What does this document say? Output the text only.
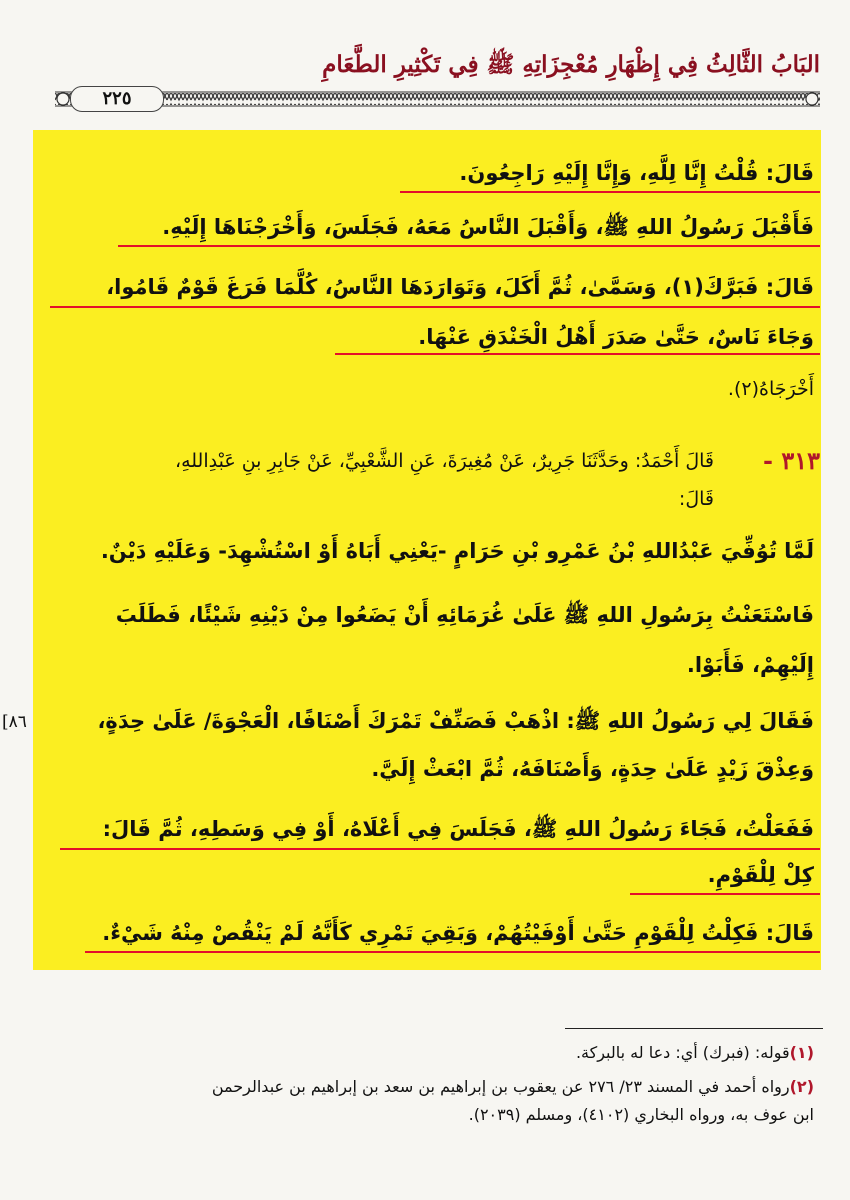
البَابُ الثَّالِثُ فِي إِظْهَارِ مُعْجِزَاتِهِ ﷺ فِي تَكْثِيرِ الطَّعَامِ
٢٢٥
قَالَ: قُلْتُ إِنَّا لِلَّهِ، وَإِنَّا إِلَيْهِ رَاجِعُونَ.
فَأَقْبَلَ رَسُولُ اللهِ ﷺ، وَأَقْبَلَ النَّاسُ مَعَهُ، فَجَلَسَ، وَأَخْرَجْنَاهَا إِلَيْهِ.
قَالَ: فَبَرَّكَ(١)، وَسَمَّىٰ، ثُمَّ أَكَلَ، وَتَوَارَدَهَا النَّاسُ، كُلَّمَا فَرَغَ قَوْمٌ قَامُوا،
وَجَاءَ نَاسٌ، حَتَّىٰ صَدَرَ أَهْلُ الْخَنْدَقِ عَنْهَا.
أَخْرَجَاهُ(٢).
٣١٣ -
قَالَ أَحْمَدُ: وحَدَّثَنَا جَرِيرٌ، عَنْ مُغِيرَةَ، عَنِ الشَّعْبِيِّ، عَنْ جَابِرِ بنِ عَبْدِاللهِ،
قَالَ:
لَمَّا تُوُفِّيَ عَبْدُاللهِ بْنُ عَمْرِو بْنِ حَرَامٍ -يَعْنِي أَبَاهُ أَوْ اسْتُشْهِدَ- وَعَلَيْهِ دَيْنٌ.
فَاسْتَعَنْتُ بِرَسُولِ اللهِ ﷺ عَلَىٰ غُرَمَائِهِ أَنْ يَضَعُوا مِنْ دَيْنِهِ شَيْئًا، فَطَلَبَ
إِلَيْهِمْ، فَأَبَوْا.
[٨٦	فَقَالَ لِي رَسُولُ اللهِ ﷺ: اذْهَبْ فَصَنِّفْ تَمْرَكَ أَصْنَافًا، الْعَجْوَةَ/ عَلَىٰ حِدَةٍ،
وَعِذْقَ زَيْدٍ عَلَىٰ حِدَةٍ، وَأَصْنَافَهُ، ثُمَّ ابْعَثْ إِلَيَّ.
فَفَعَلْتُ، فَجَاءَ رَسُولُ اللهِ ﷺ، فَجَلَسَ فِي أَعْلَاهُ، أَوْ فِي وَسَطِهِ، ثُمَّ قَالَ:
كِلْ لِلْقَوْمِ.
قَالَ: فَكِلْتُ لِلْقَوْمِ حَتَّىٰ أَوْفَيْتُهُمْ، وَبَقِيَ تَمْرِي كَأَنَّهُ لَمْ يَنْقُصْ مِنْهُ شَيْءٌ.
(١)قوله: (فبرك) أي: دعا له بالبركة.
(٢)رواه أحمد في المسند ٢٣/ ٢٧٦ عن يعقوب بن إبراهيم بن سعد بن إبراهيم بن عبدالرحمن
ابن عوف به، ورواه البخاري (٤١٠٢)، ومسلم (٢٠٣٩).
